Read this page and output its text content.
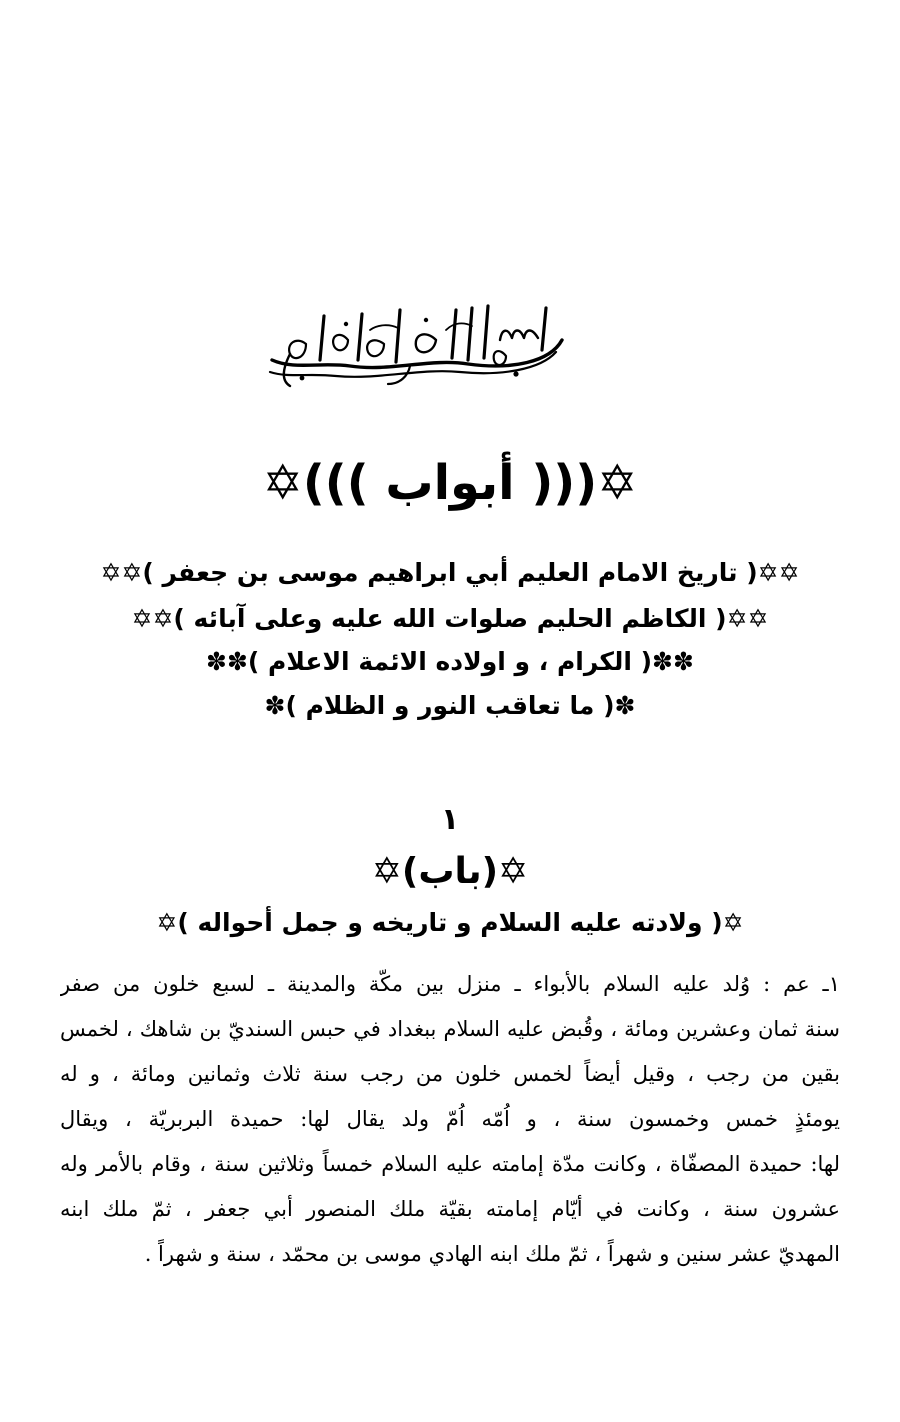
✡((( أبواب )))✡
✡✡( تاريخ الامام العليم أبي ابراهيم موسى بن جعفر )✡✡
✡✡( الكاظم الحليم صلوات الله عليه وعلى آبائه )✡✡
✽✽( الكرام ، و اولاده الائمة الاعلام )✽✽
✽( ما تعاقب النور و الظلام )✽
١
✡(باب)✡
✡( ولادته عليه السلام و تاريخه و جمل أحواله )✡
١ـ عم : وُلد عليه السلام بالأبواء ـ منزل بين مكّة والمدينة ـ لسبع خلون من صفر
سنة ثمان وعشرين ومائة ، وقُبض عليه السلام ببغداد في حبس السنديّ بن شاهك ، لخمس
بقين من رجب ، وقيل أيضاً لخمس خلون من رجب سنة ثلاث وثمانين ومائة ، و له
يومئذٍ خمس وخمسون سنة ، و اُمّه اُمّ ولد يقال لها: حميدة البربريّة ، ويقال
لها: حميدة المصفّاة ، وكانت مدّة إمامته عليه السلام خمساً وثلاثين سنة ، وقام بالأمر وله
عشرون سنة ، وكانت في أيّام إمامته بقيّة ملك المنصور أبي جعفر ، ثمّ ملك ابنه
المهديّ عشر سنين و شهراً ، ثمّ ملك ابنه الهادي موسى بن محمّد ، سنة و شهراً .
